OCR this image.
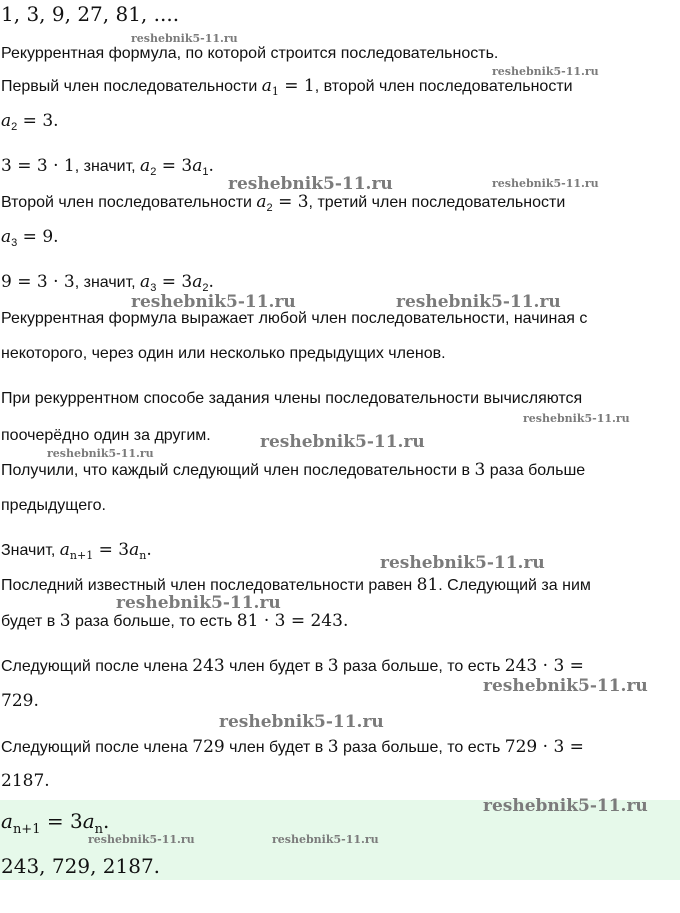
1, 3, 9, 27, 81, ....
Рекуррентная формула, по которой строится последовательность.
Первый член последовательности $a_1 = 1$, второй член последовательности
$a_2 = 3$.
3 = 3 · 1, значит, $a_2 = 3a_1$.
Второй член последовательности $a_2 = 3$, третий член последовательности
$a_3 = 9$.
9 = 3 · 3, значит, $a_3 = 3a_2$.
Рекуррентная формула выражает любой член последовательности, начиная с
некоторого, через один или несколько предыдущих членов.
При рекуррентном способе задания члены последовательности вычисляются
поочерёдно один за другим.
Получили, что каждый следующий член последовательности в 3 раза больше
предыдущего.
Значит, $a_{n+1} = 3a_n$.
Последний известный член последовательности равен 81. Следующий за ним
будет в 3 раза больше, то есть 81 · 3 = 243.
Следующий после члена 243 член будет в 3 раза больше, то есть 243 · 3 =
729.
Следующий после члена 729 член будет в 3 раза больше, то есть 729 · 3 =
2187.
$a_{n+1} = 3a_n$.
243, 729, 2187.
reshebnik5-11.ru
reshebnik5-11.ru
reshebnik5-11.ru	reshebnik5-11.ru
reshebnik5-11.ru	reshebnik5-11.ru
reshebnik5-11.ru
reshebnik5-11.ru
reshebnik5-11.ru
reshebnik5-11.ru
reshebnik5-11.ru
reshebnik5-11.ru
reshebnik5-11.ru
reshebnik5-11.ru
reshebnik5-11.ru	reshebnik5-11.ru
